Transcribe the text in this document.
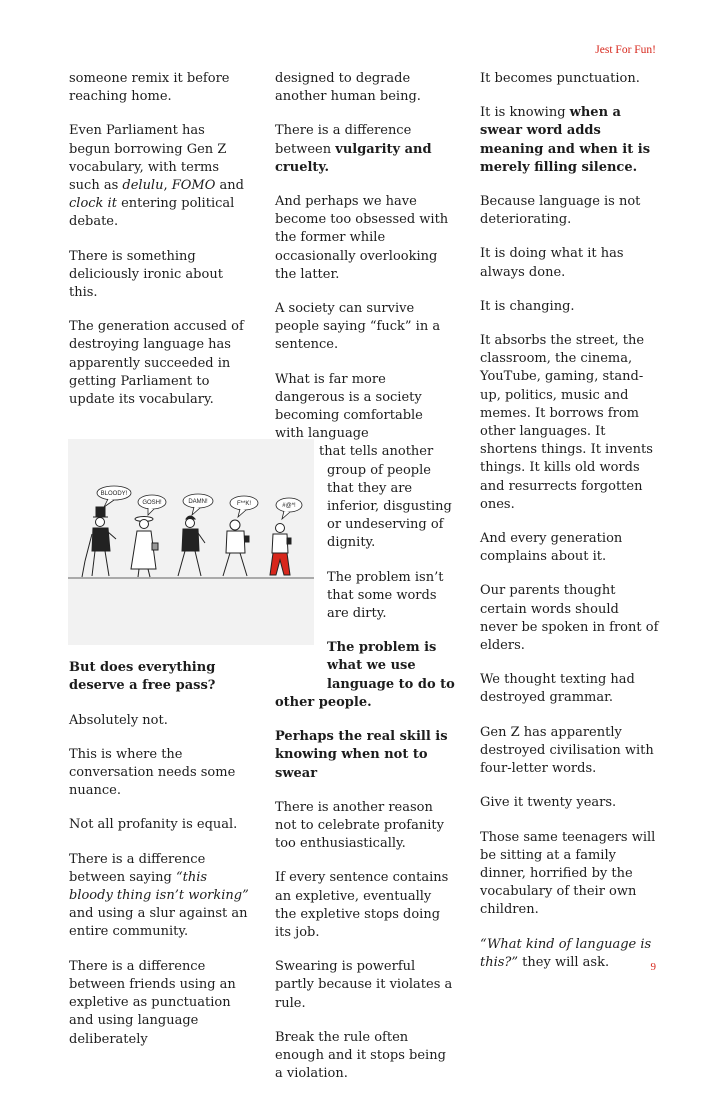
Jest For Fun!

someone remix it before reaching home.

Even Parliament has begun borrowing Gen Z vocabulary, with terms such as delulu, FOMO and clock it entering political debate.

There is something deliciously ironic about this.

The generation accused of destroying language has apparently succeeded in getting Parliament to update its vocabulary.

BLOODY!
GOSH!	DAMN!	F**K!	#@*!

But does everything deserve a free pass?

Absolutely not.

This is where the conversation needs some nuance.

Not all profanity is equal.

There is a difference between saying “this bloody thing isn’t working” and using a slur against an entire community.

There is a difference between friends using an expletive as punctuation and using language deliberately

designed to degrade another human being.

There is a difference between vulgarity and cruelty.

And perhaps we have become too obsessed with the former while occasionally overlooking the latter.

A society can survive people saying “fuck” in a sentence.

What is far more dangerous is a society becoming comfortable with language
that tells another
group of people that they are inferior, disgusting or undeserving of dignity.

The problem isn’t that some words are dirty.

The problem is what we use language to do to
other people.

Perhaps the real skill is knowing when not to swear

There is another reason not to celebrate profanity too enthusiastically.

If every sentence contains an expletive, eventually the expletive stops doing its job.

Swearing is powerful partly because it violates a rule.

Break the rule often enough and it stops being a violation.

It becomes punctuation.

It is knowing when a swear word adds meaning and when it is merely filling silence.

Because language is not deteriorating.

It is doing what it has always done.

It is changing.

It absorbs the street, the classroom, the cinema, YouTube, gaming, stand-up, politics, music and memes. It borrows from other languages. It shortens things. It invents things. It kills old words and resurrects forgotten ones.

And every generation complains about it.

Our parents thought certain words should never be spoken in front of elders.

We thought texting had destroyed grammar.

Gen Z has apparently destroyed civilisation with four-letter words.

Give it twenty years.

Those same teenagers will be sitting at a family dinner, horrified by the vocabulary of their own children.

“What kind of language is this?” they will ask.	9
